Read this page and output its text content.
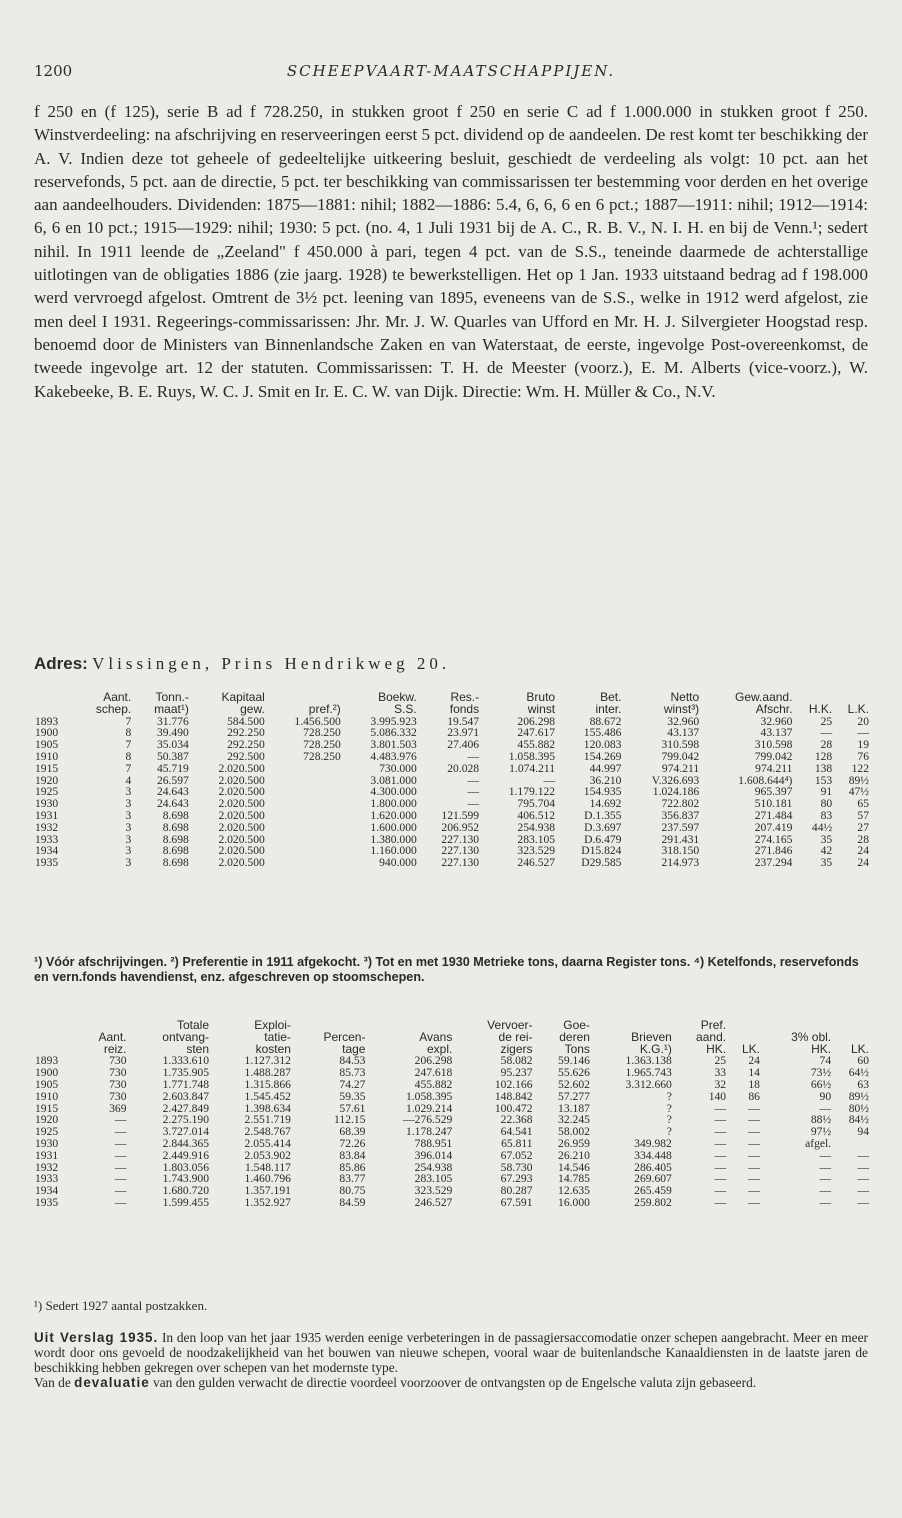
1200	SCHEEPVAART-MAATSCHAPPIJEN.
f 250 en (f 125), serie B ad f 728.250, in stukken groot f 250 en serie C ad f 1.000.000 in stukken groot f 250. Winstverdeeling: na afschrijving en reserveeringen eerst 5 pct. dividend op de aandeelen. De rest komt ter beschikking der A. V. Indien deze tot geheele of gedeeltelijke uitkeering besluit, geschiedt de verdeeling als volgt: 10 pct. aan het reservefonds, 5 pct. aan de directie, 5 pct. ter beschikking van commissarissen ter bestemming voor derden en het overige aan aandeelhouders. Dividenden: 1875—1881: nihil; 1882—1886: 5.4, 6, 6, 6 en 6 pct.; 1887—1911: nihil; 1912—1914: 6, 6 en 10 pct.; 1915—1929: nihil; 1930: 5 pct. (no. 4, 1 Juli 1931 bij de A. C., R. B. V., N. I. H. en bij de Venn.¹; sedert nihil. In 1911 leende de „Zeeland" f 450.000 à pari, tegen 4 pct. van de S.S., teneinde daarmede de achterstallige uitlotingen van de obligaties 1886 (zie jaarg. 1928) te bewerkstelligen. Het op 1 Jan. 1933 uitstaand bedrag ad f 198.000 werd vervroegd afgelost. Omtrent de 3½ pct. leening van 1895, eveneens van de S.S., welke in 1912 werd afgelost, zie men deel I 1931. Regeerings-commissarissen: Jhr. Mr. J. W. Quarles van Ufford en Mr. H. J. Silvergieter Hoogstad resp. benoemd door de Ministers van Binnenlandsche Zaken en van Waterstaat, de eerste, ingevolge Post-overeenkomst, de tweede ingevolge art. 12 der statuten. Commissarissen: T. H. de Meester (voorz.), E. M. Alberts (vice-voorz.), W. Kakebeeke, B. E. Ruys, W. C. J. Smit en Ir. E. C. W. van Dijk. Directie: Wm. H. Müller & Co., N.V.
Adres: Vlissingen, Prins Hendrikweg 20.
	Aant.	Tonn.-	Kapitaal		Boekw.	Res.-	Bruto	Bet.	Netto	Gew.aand.		
	schep.	maat¹)	gew.	pref.²)	S.S.	fonds	winst	inter.	winst³)	Afschr.	H.K.	L.K.
1893	7	31.776	584.500	1.456.500	3.995.923	19.547	206.298	88.672	32.960	32.960	25	20
1900	8	39.490	292.250	728.250	5.086.332	23.971	247.617	155.486	43.137	43.137	—	—
1905	7	35.034	292.250	728.250	3.801.503	27.406	455.882	120.083	310.598	310.598	28	19
1910	8	50.387	292.500	728.250	4.483.976	—	1.058.395	154.269	799.042	799.042	128	76
1915	7	45.719	2.020.500		730.000	20.028	1.074.211	44.997	974.211	974.211	138	122
1920	4	26.597	2.020.500		3.081.000	—	—	36.210	V.326.693	1.608.644⁴)	153	89½
1925	3	24.643	2.020.500		4.300.000	—	1.179.122	154.935	1.024.186	965.397	91	47½
1930	3	24.643	2.020.500		1.800.000	—	795.704	14.692	722.802	510.181	80	65
1931	3	8.698	2.020.500		1.620.000	121.599	406.512	D.1.355	356.837	271.484	83	57
1932	3	8.698	2.020.500		1.600.000	206.952	254.938	D.3.697	237.597	207.419	44½	27
1933	3	8.698	2.020.500		1.380.000	227.130	283.105	D.6.479	291.431	274.165	35	28
1934	3	8.698	2.020.500		1.160.000	227.130	323.529	D15.824	318.150	271.846	42	24
1935	3	8.698	2.020.500		940.000	227.130	246.527	D29.585	214.973	237.294	35	24
¹) Vóór afschrijvingen. ²) Preferentie in 1911 afgekocht. ³) Tot en met 1930 Metrieke tons, daarna Register tons. ⁴) Ketelfonds, reservefonds en vern.fonds havendienst, enz. afgeschreven op stoomschepen.
		Totale	Exploi-			Vervoer-	Goe-		Pref.			
	Aant.	ontvang-	tatie-	Percen-	Avans	de rei-	deren	Brieven	aand.		3% obl.	
	reiz.	sten	kosten	tage	expl.	zigers	Tons	K.G.¹)	HK.	LK.	HK.	LK.
1893	730	1.333.610	1.127.312	84.53	206.298	58.082	59.146	1.363.138	25	24	74	60
1900	730	1.735.905	1.488.287	85.73	247.618	95.237	55.626	1.965.743	33	14	73½	64½
1905	730	1.771.748	1.315.866	74.27	455.882	102.166	52.602	3.312.660	32	18	66½	63
1910	730	2.603.847	1.545.452	59.35	1.058.395	148.842	57.277	?	140	86	90	89½
1915	369	2.427.849	1.398.634	57.61	1.029.214	100.472	13.187	?	—	—	—	80½
1920	—	2.275.190	2.551.719	112.15	—276.529	22.368	32.245	?	—	—	88½	84½
1925	—	3.727.014	2.548.767	68.39	1.178.247	64.541	58.002	?	—	—	97½	94
1930	—	2.844.365	2.055.414	72.26	788.951	65.811	26.959	349.982	—	—	afgel.	
1931	—	2.449.916	2.053.902	83.84	396.014	67.052	26.210	334.448	—	—	—	—
1932	—	1.803.056	1.548.117	85.86	254.938	58.730	14.546	286.405	—	—	—	—
1933	—	1.743.900	1.460.796	83.77	283.105	67.293	14.785	269.607	—	—	—	—
1934	—	1.680.720	1.357.191	80.75	323.529	80.287	12.635	265.459	—	—	—	—
1935	—	1.599.455	1.352.927	84.59	246.527	67.591	16.000	259.802	—	—	—	—
¹) Sedert 1927 aantal postzakken.
Uit Verslag 1935. In den loop van het jaar 1935 werden eenige verbeteringen in de passagiersaccomodatie onzer schepen aangebracht. Meer en meer wordt door ons gevoeld de noodzakelijkheid van het bouwen van nieuwe schepen, vooral waar de buitenlandsche Kanaaldiensten in de laatste jaren de beschikking hebben gekregen over schepen van het modernste type.
Van de devaluatie van den gulden verwacht de directie voordeel voorzoover de ontvangsten op de Engelsche valuta zijn gebaseerd.
